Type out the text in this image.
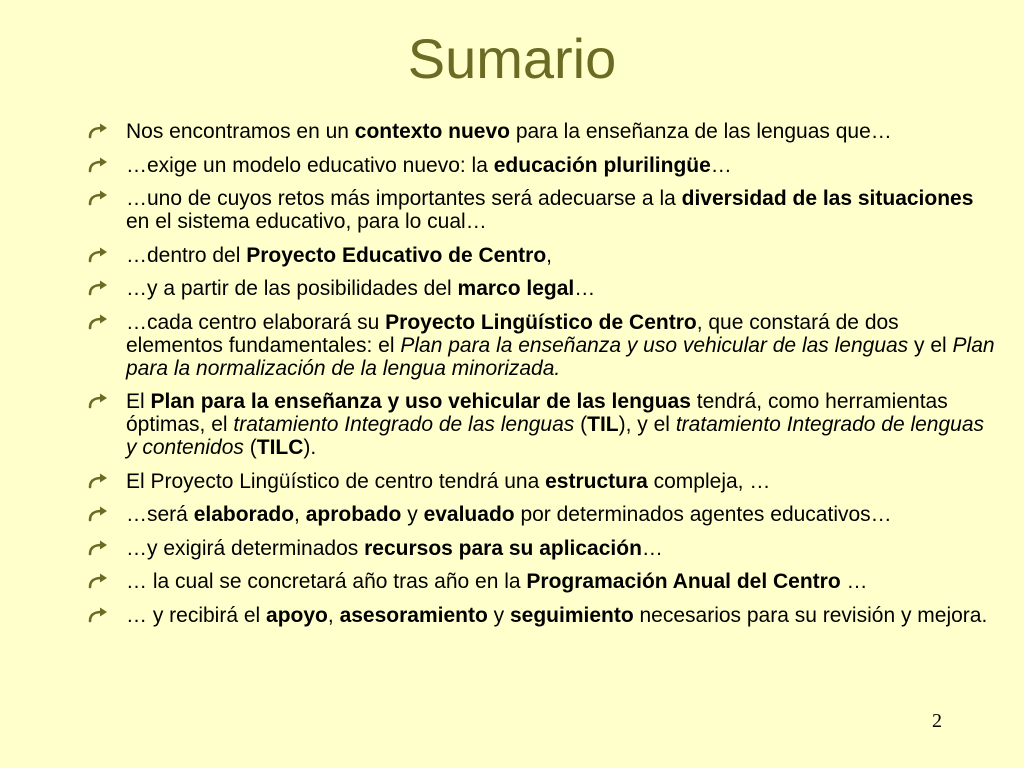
Sumario
Nos encontramos en un contexto nuevo para la enseñanza de las lenguas que…
…exige un modelo educativo nuevo: la educación plurilingüe…
…uno de cuyos retos más importantes será adecuarse a la diversidad de las situaciones en el sistema educativo, para lo cual…
…dentro del Proyecto Educativo de Centro,
…y a partir de las posibilidades del marco legal…
…cada centro elaborará su Proyecto Lingüístico de Centro, que constará de dos elementos fundamentales: el Plan para la enseñanza y uso vehicular de las lenguas y el Plan para la normalización de la lengua minorizada.
El Plan para la enseñanza y uso vehicular de las lenguas tendrá, como herramientas óptimas, el tratamiento Integrado de las lenguas (TIL), y el tratamiento Integrado de lenguas y contenidos (TILC).
El Proyecto Lingüístico de centro tendrá una estructura compleja, …
…será elaborado, aprobado y evaluado por determinados agentes educativos…
…y exigirá determinados recursos para su aplicación…
… la cual se concretará año tras año en la Programación Anual del Centro …
… y recibirá el apoyo, asesoramiento y seguimiento necesarios para su revisión y mejora.
2
